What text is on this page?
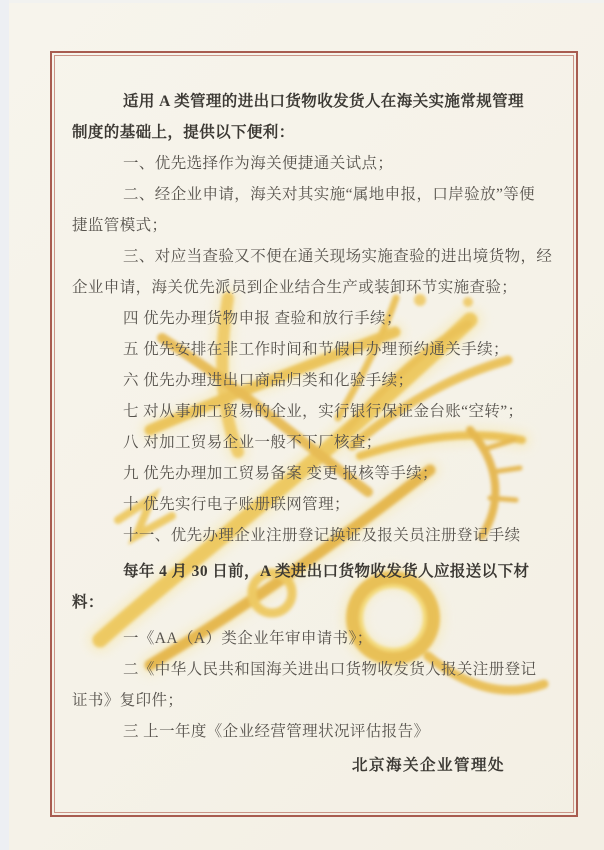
适用 A 类管理的进出口货物收发货人在海关实施常规管理
制度的基础上，提供以下便利：
一、优先选择作为海关便捷通关试点；
二、经企业申请，海关对其实施“属地申报，口岸验放”等便
捷监管模式；
三、对应当查验又不便在通关现场实施查验的进出境货物，经
企业申请，海关优先派员到企业结合生产或装卸环节实施查验；
四 优先办理货物申报 查验和放行手续；
五 优先安排在非工作时间和节假日办理预约通关手续；
六 优先办理进出口商品归类和化验手续；
七 对从事加工贸易的企业，实行银行保证金台账“空转”；
八 对加工贸易企业一般不下厂核查；
九 优先办理加工贸易备案 变更 报核等手续；
十 优先实行电子账册联网管理；
十一、优先办理企业注册登记换证及报关员注册登记手续
每年 4 月 30 日前，A 类进出口货物收发货人应报送以下材
料：
一《AA（A）类企业年审申请书》；
二《中华人民共和国海关进出口货物收发货人报关注册登记
证书》复印件；
三 上一年度《企业经营管理状况评估报告》
北京海关企业管理处
